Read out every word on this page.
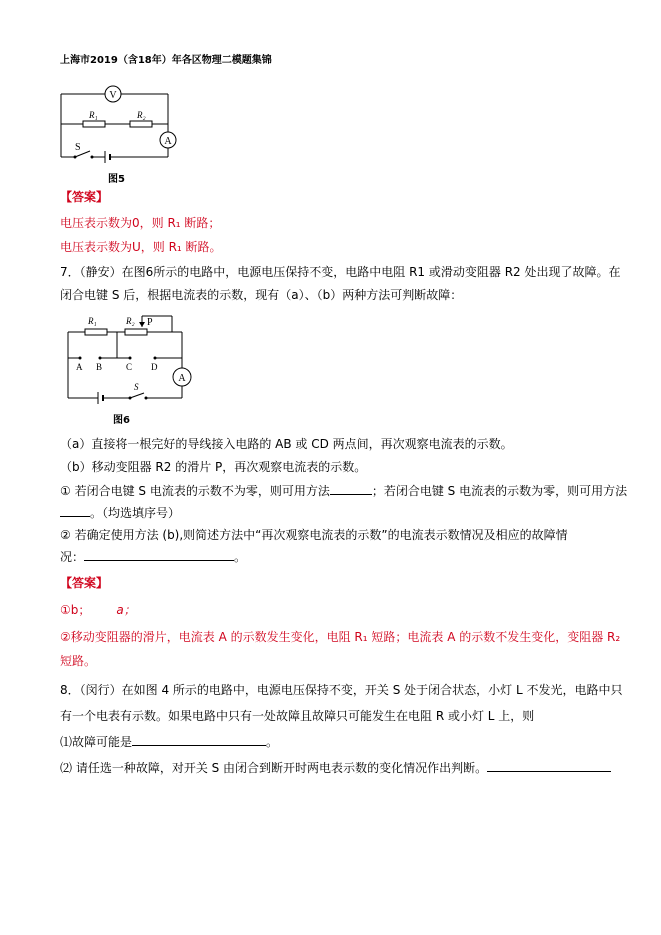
上海市2019（含18年）年各区物理二模题集锦
V
A
R₁	R₂
S
图5
【答案】
电压表示数为0，则 R₁ 断路；
电压表示数为U，则 R₁ 断路。
7．（静安）在图6所示的电路中，电源电压保持不变，电路中电阻 R1 或滑动变阻器 R2 处出现了故障。在
闭合电键 S 后，根据电流表的示数，现有（a）、（b）两种方法可判断故障：
R₁	R₂ P
A B	C D
A
S
图6
（a）直接将一根完好的导线接入电路的 AB 或 CD 两点间，再次观察电流表的示数。
（b）移动变阻器 R2 的滑片 P，再次观察电流表的示数。
① 若闭合电键 S 电流表的示数不为零，则可用方法	；若闭合电键 S 电流表的示数为零，则可用方法
。（均选填序号）
② 若确定使用方法 (b),则简述方法中“再次观察电流表的示数”的电流表示数情况及相应的故障情
况：	。
【答案】
①b； a；
②移动变阻器的滑片，电流表 A 的示数发生变化，电阻 R₁ 短路；电流表 A 的示数不发生变化，变阻器 R₂
短路。
8．（闵行）在如图 4 所示的电路中，电源电压保持不变，开关 S 处于闭合状态，小灯 L 不发光，电路中只
有一个电表有示数。如果电路中只有一处故障且故障只可能发生在电阻 R 或小灯 L 上，则
⑴故障可能是	。
⑵ 请任选一种故障，对开关 S 由闭合到断开时两电表示数的变化情况作出判断。
